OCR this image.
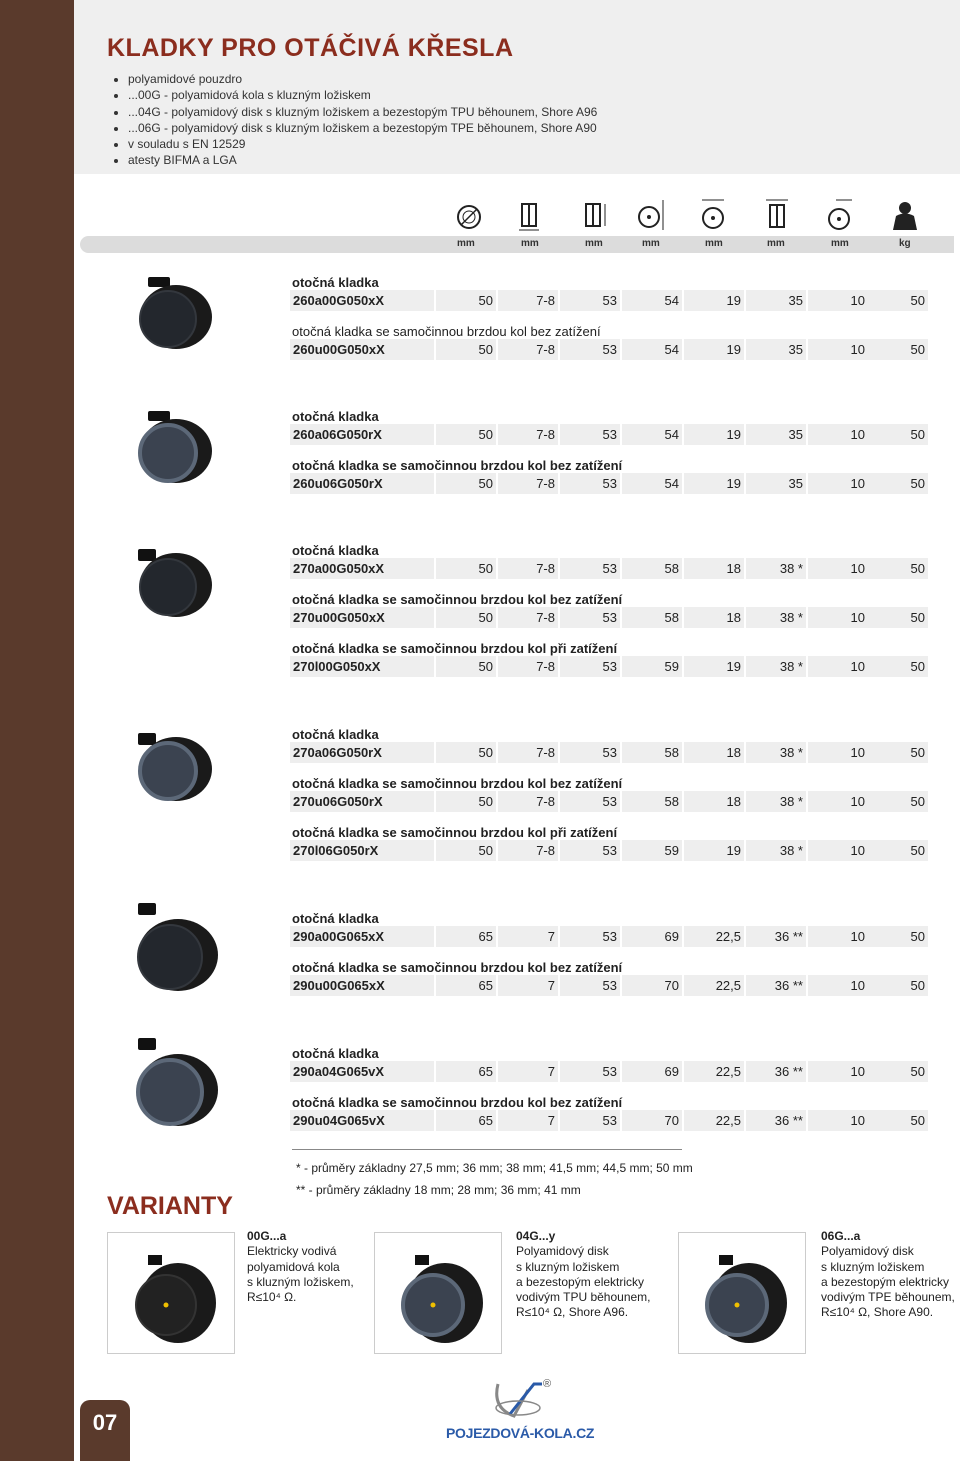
KLADKY PRO OTÁČIVÁ KŘESLA
• polyamidové pouzdro
• ...00G - polyamidová kola s kluzným ložiskem
• ...04G - polyamidový disk s kluzným ložiskem a bezestopým TPU běhounem, Shore A96
• ...06G - polyamidový disk s kluzným ložiskem a bezestopým TPE běhounem, Shore A90
• v souladu s EN 12529
• atesty BIFMA a LGA
mm	mm	mm	mm	mm	mm	mm	kg
otočná kladka
260a00G050xX	50	7-8	53	54	19	35	10	50
otočná kladka se samočinnou brzdou kol bez zatížení
260u00G050xX	50	7-8	53	54	19	35	10	50
otočná kladka
260a06G050rX	50	7-8	53	54	19	35	10	50
otočná kladka se samočinnou brzdou kol bez zatížení
260u06G050rX	50	7-8	53	54	19	35	10	50
otočná kladka
270a00G050xX	50	7-8	53	58	18	38 *	10	50
otočná kladka se samočinnou brzdou kol bez zatížení
270u00G050xX	50	7-8	53	58	18	38 *	10	50
otočná kladka se samočinnou brzdou kol při zatížení
270l00G050xX	50	7-8	53	59	19	38 *	10	50
otočná kladka
270a06G050rX	50	7-8	53	58	18	38 *	10	50
otočná kladka se samočinnou brzdou kol bez zatížení
270u06G050rX	50	7-8	53	58	18	38 *	10	50
otočná kladka se samočinnou brzdou kol při zatížení
270l06G050rX	50	7-8	53	59	19	38 *	10	50
otočná kladka
290a00G065xX	65	7	53	69	22,5	36 **	10	50
otočná kladka se samočinnou brzdou kol bez zatížení
290u00G065xX	65	7	53	70	22,5	36 **	10	50
otočná kladka
290a04G065vX	65	7	53	69	22,5	36 **	10	50
otočná kladka se samočinnou brzdou kol bez zatížení
290u04G065vX	65	7	53	70	22,5	36 **	10	50
* - průměry základny 27,5 mm; 36 mm; 38 mm; 41,5 mm; 44,5 mm; 50 mm
** - průměry základny 18 mm; 28 mm; 36 mm; 41 mm
VARIANTY
00G...a
Elektricky vodivá
polyamidová kola
s kluzným ložiskem,
R≤10⁴ Ω.
04G...y
Polyamidový disk
s kluzným ložiskem
a bezestopým elektricky
vodivým TPU běhounem,
R≤10⁴ Ω, Shore A96.
06G...a
Polyamidový disk
s kluzným ložiskem
a bezestopým elektricky
vodivým TPE běhounem,
R≤10⁴ Ω, Shore A90.
07
®
POJEZDOVÁ-KOLA.CZ
